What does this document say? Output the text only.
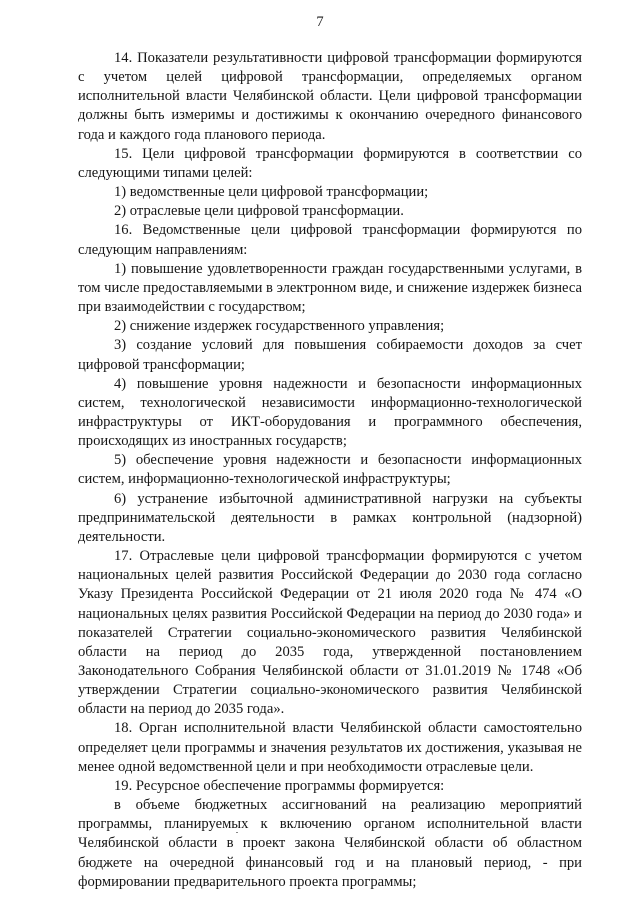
7

14. Показатели результативности цифровой трансформации формируются с учетом целей цифровой трансформации, определяемых органом исполнительной власти Челябинской области. Цели цифровой трансформации должны быть измеримы и достижимы к окончанию очередного финансового года и каждого года планового периода.

15. Цели цифровой трансформации формируются в соответствии со следующими типами целей:

1) ведомственные цели цифровой трансформации;

2) отраслевые цели цифровой трансформации.

16. Ведомственные цели цифровой трансформации формируются по следующим направлениям:

1) повышение удовлетворенности граждан государственными услугами, в том числе предоставляемыми в электронном виде, и снижение издержек бизнеса при взаимодействии с государством;

2) снижение издержек государственного управления;

3) создание условий для повышения собираемости доходов за счет цифровой трансформации;

4) повышение уровня надежности и безопасности информационных систем, технологической независимости информационно-технологической инфраструктуры от ИКТ-оборудования и программного обеспечения, происходящих из иностранных государств;

5) обеспечение уровня надежности и безопасности информационных систем, информационно-технологической инфраструктуры;

6) устранение избыточной административной нагрузки на субъекты предпринимательской деятельности в рамках контрольной (надзорной) деятельности.

17. Отраслевые цели цифровой трансформации формируются с учетом национальных целей развития Российской Федерации до 2030 года согласно Указу Президента Российской Федерации от 21 июля 2020 года № 474 «О национальных целях развития Российской Федерации на период до 2030 года» и показателей Стратегии социально-экономического развития Челябинской области на период до 2035 года, утвержденной постановлением Законодательного Собрания Челябинской области от 31.01.2019 № 1748 «Об утверждении Стратегии социально-экономического развития Челябинской области на период до 2035 года».

18. Орган исполнительной власти Челябинской области самостоятельно определяет цели программы и значения результатов их достижения, указывая не менее одной ведомственной цели и при необходимости отраслевые цели.

19. Ресурсное обеспечение программы формируется:

в объеме бюджетных ассигнований на реализацию мероприятий программы, планируемых к включению органом исполнительной власти Челябинской области в проект закона Челябинской области об областном бюджете на очередной финансовый год и на плановый период, - при формировании предварительного проекта программы;
